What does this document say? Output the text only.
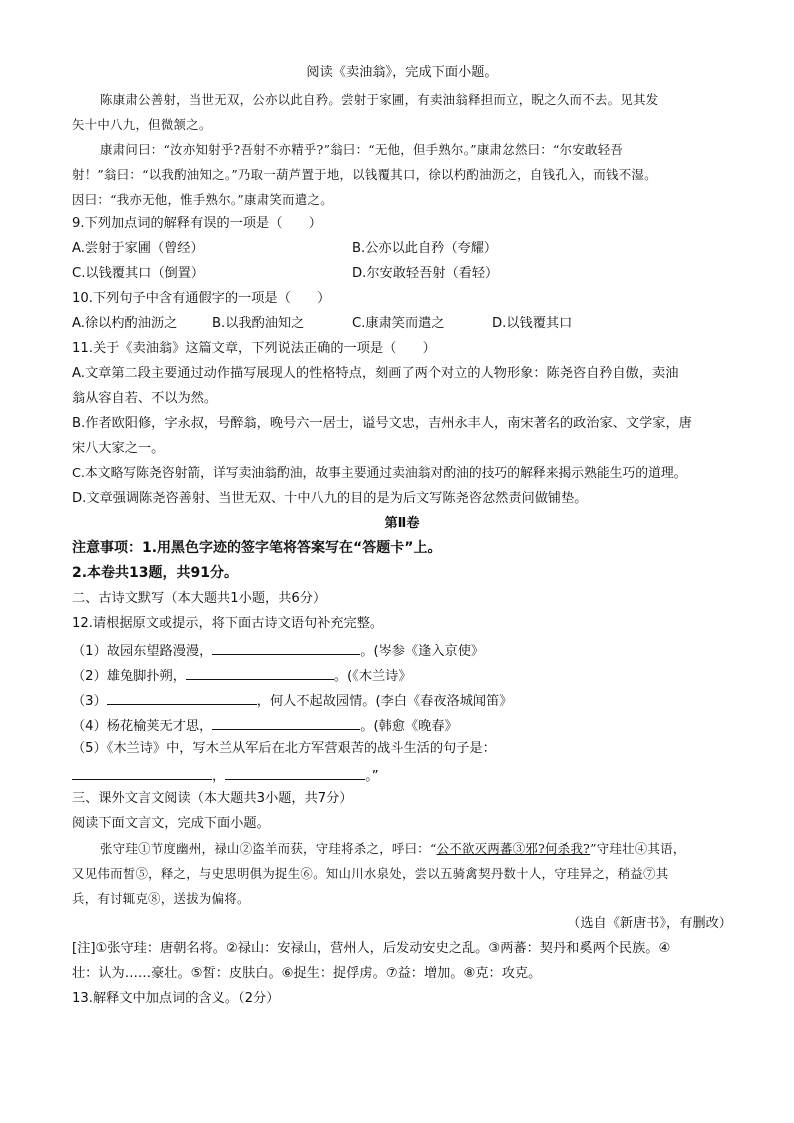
阅读《卖油翁》，完成下面小题。
陈康肃公善射，当世无双，公亦以此自矜。尝射于家圃，有卖油翁释担而立，睨之久而不去。见其发
矢十中八九，但微颔之。
康肃问曰：“汝亦知射乎?吾射不亦精乎?”翁曰：“无他，但手熟尔。”康肃忿然曰：“尔安敢轻吾
射！”翁曰：“以我酌油知之。”乃取一葫芦置于地，以钱覆其口，徐以杓酌油沥之，自钱孔入，而钱不湿。
因曰：“我亦无他，惟手熟尔。”康肃笑而遣之。
9.下列加点词的解释有误的一项是（　　）
A.尝射于家圃（曾经）	B.公亦以此自矜（夸耀）
C.以钱覆其口（倒置）	D.尔安敢轻吾射（看轻）
10.下列句子中含有通假字的一项是（　　）
A.徐以杓酌油沥之	B.以我酌油知之	C.康肃笑而遣之	D.以钱覆其口
11.关于《卖油翁》这篇文章，下列说法正确的一项是（　　）
A.文章第二段主要通过动作描写展现人的性格特点，刻画了两个对立的人物形象：陈尧咨自矜自傲，卖油
翁从容自若、不以为然。
B.作者欧阳修，字永叔，号醉翁，晚号六一居士，谥号文忠，吉州永丰人，南宋著名的政治家、文学家，唐
宋八大家之一。
C.本文略写陈尧咨射箭，详写卖油翁酌油，故事主要通过卖油翁对酌油的技巧的解释来揭示熟能生巧的道理。
D.文章强调陈尧咨善射、当世无双、十中八九的目的是为后文写陈尧咨忿然责问做铺垫。
第Ⅱ卷
注意事项：1.用黑色字迹的签字笔将答案写在“答题卡”上。
2.本卷共13题，共91分。
二、古诗文默写（本大题共1小题，共6分）
12.请根据原文或提示，将下面古诗文语句补充完整。
（1）故园东望路漫漫，	。(岑参《逢入京使》
（2）雄兔脚扑朔，	。(《木兰诗》
（3）	，何人不起故园情。(李白《春夜洛城闻笛》
（4）杨花榆荚无才思，	。(韩愈《晚春》
（5）《木兰诗》中，写木兰从军后在北方军营艰苦的战斗生活的句子是：
，	。”
三、课外文言文阅读（本大题共3小题，共7分）
阅读下面文言文，完成下面小题。
张守珪①节度幽州，禄山②盗羊而获，守珪将杀之，呼曰：“公不欲灭两蕃③邪?何杀我?”守珪壮④其语，
又见伟而皙⑤，释之，与史思明俱为捉生⑥。知山川水泉处，尝以五骑禽契丹数十人，守珪异之，稍益⑦其
兵，有讨辄克⑧，送拔为偏将。
（选自《新唐书》，有删改）
[注]①张守珪：唐朝名将。②禄山：安禄山，营州人，后发动安史之乱。③两蕃：契丹和奚两个民族。④
壮：认为……豪壮。⑤皙：皮肤白。⑥捉生：捉俘虏。⑦益：增加。⑧克：攻克。
13.解释文中加点词的含义。（2分）
